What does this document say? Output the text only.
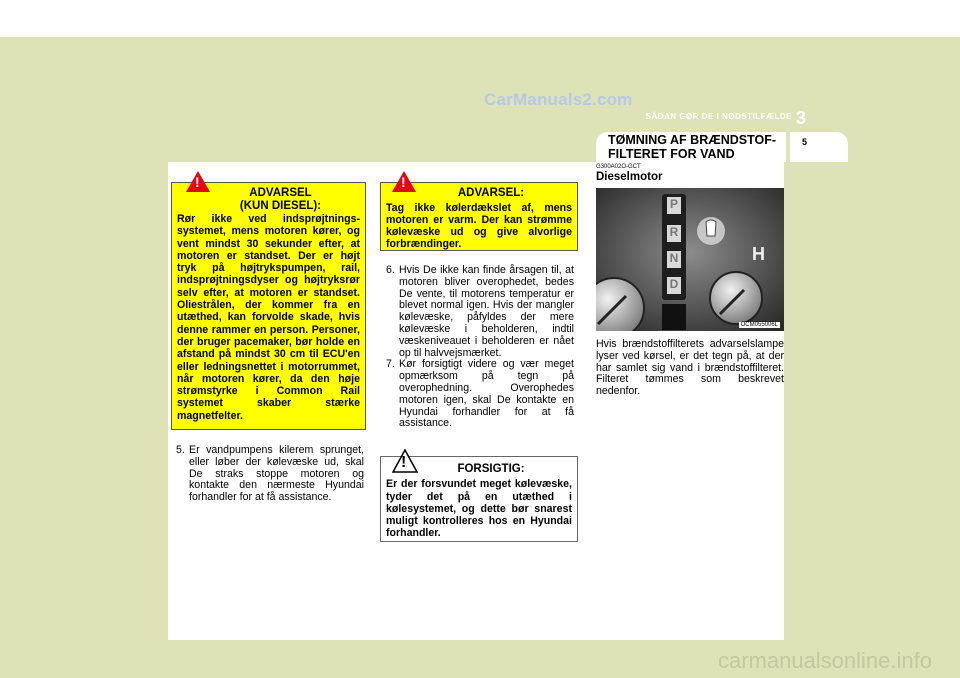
CarManuals2.com
SÅDAN GØR DE I NØDSTILFÆLDE 3
TØMNING AF BRÆNDSTOF-FILTERET FOR VAND
5
ADVARSEL
(KUN DIESEL):
Rør ikke ved indsprøjtnings-systemet, mens motoren kører, og vent mindst 30 sekunder efter, at motoren er standset. Der er højt tryk på højtrykspumpen, rail, indsprøjtningsdyser og højtryksrør selv efter, at motoren er standset. Oliestrålen, der kommer fra en utæthed, kan forvolde skade, hvis denne rammer en person. Personer, der bruger pacemaker, bør holde en afstand på mindst 30 cm til ECU'en eller ledningsnettet i motorrummet, når motoren kører, da den høje strømstyrke i Common Rail systemet skaber stærke magnetfelter.
!
5. Er vandpumpens kilerem sprunget, eller løber der kølevæske ud, skal De straks stoppe motoren og kontakte den nærmeste Hyundai forhandler for at få assistance.
ADVARSEL:
Tag ikke kølerdækslet af, mens motoren er varm. Der kan strømme kølevæske ud og give alvorlige forbrændinger.
!
6. Hvis De ikke kan finde årsagen til, at motoren bliver overophedet, bedes De vente, til motorens temperatur er blevet normal igen. Hvis der mangler kølevæske, påfyldes der mere kølevæske i beholderen, indtil væskeniveauet i beholderen er nået op til halvvejsmærket.
7. Kør forsigtigt videre og vær meget opmærksom på tegn på overophedning. Overophedes motoren igen, skal De kontakte en Hyundai forhandler for at få assistance.
FORSIGTIG:
Er der forsvundet meget kølevæske, tyder det på en utæthed i kølesystemet, og dette bør snarest muligt kontrolleres hos en Hyundai forhandler.
!
G300A02O-GCT
Dieselmotor
P
R
N
D
H
OCM055006L
Hvis brændstoffilterets advarselslampe lyser ved kørsel, er det tegn på, at der har samlet sig vand i brændstoffilteret. Filteret tømmes som beskrevet nedenfor.
carmanualsonline.info
